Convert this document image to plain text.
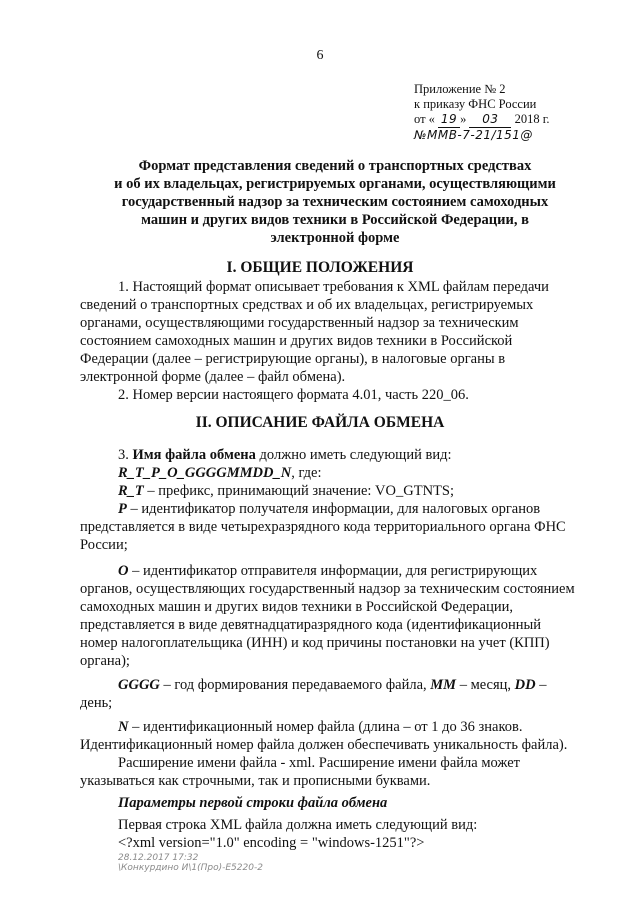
6
Приложение № 2
к приказу ФНС России
от « 19 » 03 2018 г.
№ММВ-7-21/151@
Формат представления сведений о транспортных средствах
и об их владельцах, регистрируемых органами, осуществляющими
государственный надзор за техническим состоянием самоходных
машин и других видов техники в Российской Федерации, в
электронной форме
I. ОБЩИЕ ПОЛОЖЕНИЯ
1. Настоящий формат описывает требования к XML файлам передачи
сведений о транспортных средствах и об их владельцах, регистрируемых
органами, осуществляющими государственный надзор за техническим
состоянием самоходных машин и других видов техники в Российской
Федерации (далее – регистрирующие органы), в налоговые органы в
электронной форме (далее – файл обмена).
2. Номер версии настоящего формата 4.01, часть 220_06.
II. ОПИСАНИЕ ФАЙЛА ОБМЕНА
3. Имя файла обмена должно иметь следующий вид:
R_T_P_O_GGGGMMDD_N, где:
R_T – префикс, принимающий значение: VO_GTNTS;
P – идентификатор получателя информации, для налоговых органов
представляется в виде четырехразрядного кода территориального органа ФНС
России;
O – идентификатор отправителя информации, для регистрирующих
органов, осуществляющих государственный надзор за техническим состоянием
самоходных машин и других видов техники в Российской Федерации,
представляется в виде девятнадцатиразрядного кода (идентификационный
номер налогоплательщика (ИНН) и код причины постановки на учет (КПП)
органа);
GGGG – год формирования передаваемого файла, MM – месяц, DD –
день;
N – идентификационный номер файла (длина – от 1 до 36 знаков.
Идентификационный номер файла должен обеспечивать уникальность файла).
Расширение имени файла - xml. Расширение имени файла может
указываться как строчными, так и прописными буквами.
Параметры первой строки файла обмена
Первая строка XML файла должна иметь следующий вид:
<?xml version="1.0" encoding = "windows-1251"?>
28.12.2017 17:32
\Конкурдино И\1(Про)-Е5220-2
